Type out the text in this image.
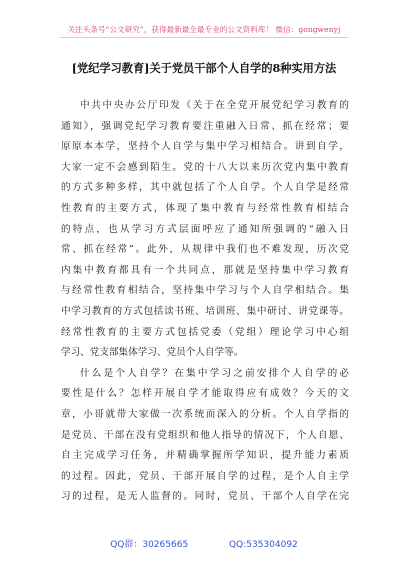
关注头条号“公文研究”，获得最新最全最专业的公文资料库！ 微信：gongwenyj
[党纪学习教育]关于党员干部个人自学的8种实用方法
中共中央办公厅印发《关于在全党开展党纪学习教育的
通知》，强调党纪学习教育要注重融入日常、抓在经常；要
原原本本学，坚持个人自学与集中学习相结合。讲到自学，
大家一定不会感到陌生。党的十八大以来历次党内集中教育
的方式多种多样，其中就包括了个人自学。个人自学是经常
性教育的主要方式，体现了集中教育与经常性教育相结合
的特点，也从学习方式层面呼应了通知所强调的“融入日
常、抓在经常”。此外，从规律中我们也不难发现，历次党
内集中教育都具有一个共同点，那就是坚持集中学习教育
与经常性教育相结合，坚持集中学习与个人自学相结合。集
中学习教育的方式包括读书班、培训班、集中研讨、讲党课等。
经常性教育的主要方式包括党委（党组）理论学习中心组
学习、党支部集体学习、党员个人自学等。
什么是个人自学？在集中学习之前安排个人自学的必
要性是什么？怎样开展自学才能取得应有成效？今天的文
章，小哥就带大家做一次系统而深入的分析。个人自学指的
是党员、干部在没有党组织和他人指导的情况下，个人自愿、
自主完成学习任务，并精确掌握所学知识，提升能力素质
的过程。因此，党员、干部开展自学的过程，是个人自主学
习的过程，是无人监督的。同时，党员、干部个人自学在完
QQ群：30265665	QQ:535304092
